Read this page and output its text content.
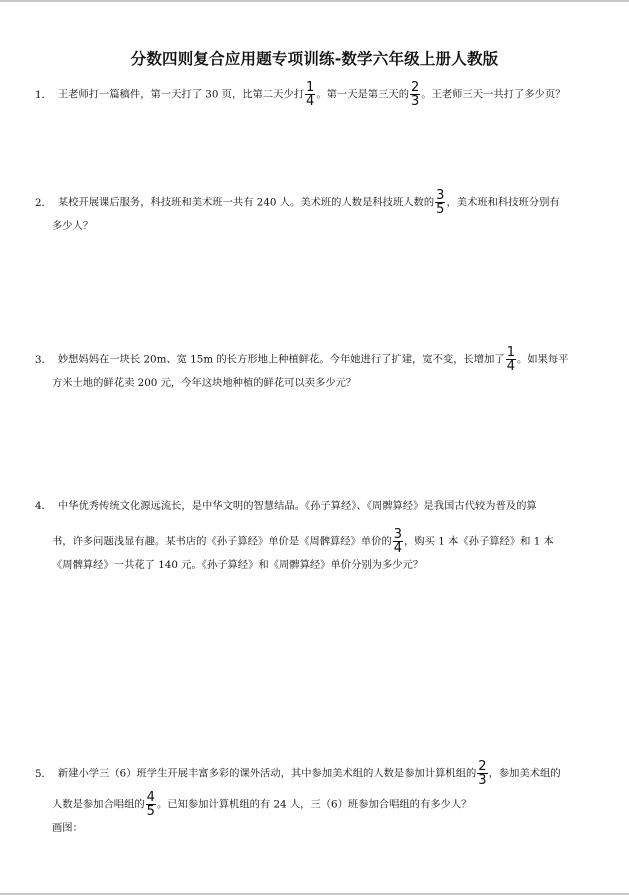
分数四则复合应用题专项训练-数学六年级上册人教版
1． 王老师打一篇稿件，第一天打了 30 页，比第二天少打 $\frac{1}{4}$ 。第一天是第三天的 $\frac{2}{3}$ 。王老师三天一共打了多少页？
2． 某校开展课后服务，科技班和美术班一共有 240 人。美术班的人数是科技班人数的 $\frac{3}{5}$ ，美术班和科技班分别有
多少人？
3． 妙想妈妈在一块长 20m、宽 15m 的长方形地上种植鲜花。今年她进行了扩建，宽不变，长增加了 $\frac{1}{4}$ 。如果每平
方米土地的鲜花卖 200 元，今年这块地种植的鲜花可以卖多少元？
4． 中华优秀传统文化源远流长，是中华文明的智慧结晶。《孙子算经》、《周髀算经》是我国古代较为普及的算
书，许多问题浅显有趣。某书店的《孙子算经》单价是《周髀算经》单价的 $\frac{3}{4}$ ，购买 1 本《孙子算经》和 1 本
《周髀算经》一共花了 140 元。《孙子算经》和《周髀算经》单价分别为多少元？
5． 新建小学三（6）班学生开展丰富多彩的课外活动，其中参加美术组的人数是参加计算机组的 $\frac{2}{3}$ ，参加美术组的
人数是参加合唱组的 $\frac{4}{5}$ 。已知参加计算机组的有 24 人，三（6）班参加合唱组的有多少人？
画图：
